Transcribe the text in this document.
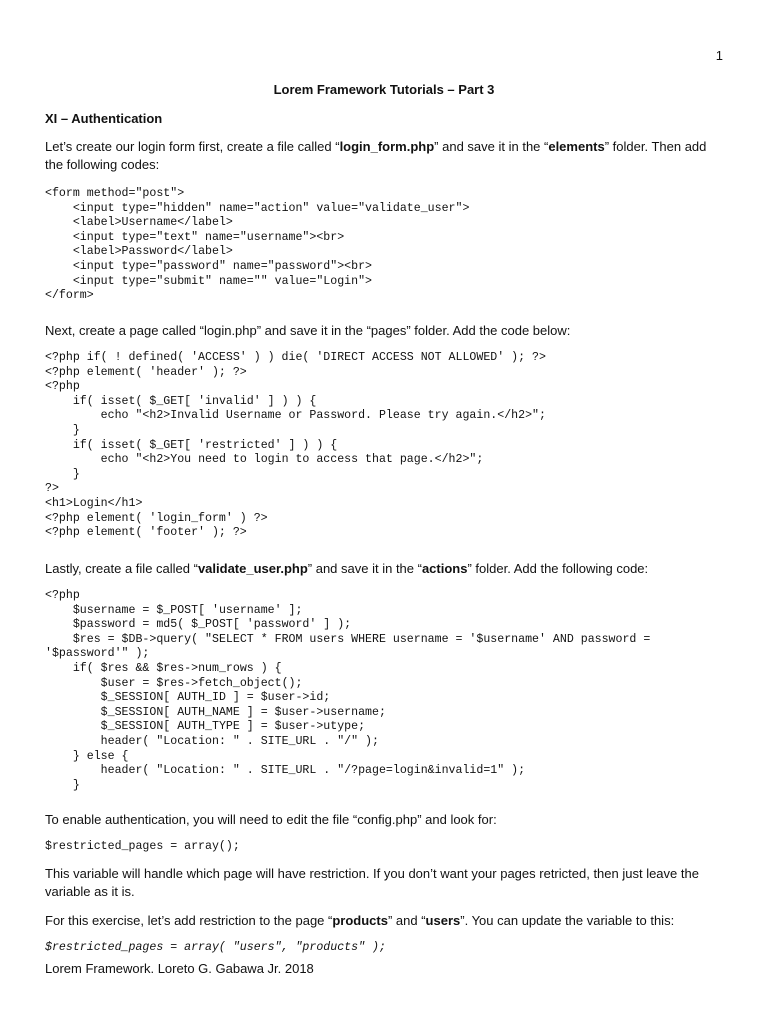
1
Lorem Framework Tutorials – Part 3
XI – Authentication
Let’s create our login form first, create a file called “login_form.php” and save it in the “elements” folder. Then add the following codes:
<form method="post">
	<input type="hidden" name="action" value="validate_user">
	<label>Username</label>
	<input type="text" name="username"><br>
	<label>Password</label>
	<input type="password" name="password"><br>
	<input type="submit" name="" value="Login">
</form>
Next, create a page called “login.php” and save it in the “pages” folder. Add the code below:
<?php if( ! defined( 'ACCESS' ) ) die( 'DIRECT ACCESS NOT ALLOWED' ); ?>
<?php element( 'header' ); ?>
<?php
	if( isset( $_GET[ 'invalid' ] ) ) {
		echo "<h2>Invalid Username or Password. Please try again.</h2>";
	}
	if( isset( $_GET[ 'restricted' ] ) ) {
		echo "<h2>You need to login to access that page.</h2>";
	}
?>
<h1>Login</h1>
<?php element( 'login_form' ) ?>
<?php element( 'footer' ); ?>
Lastly, create a file called “validate_user.php” and save it in the “actions” folder. Add the following code:
<?php
	$username = $_POST[ 'username' ];
	$password = md5( $_POST[ 'password' ] );
	$res = $DB->query( "SELECT * FROM users WHERE username = '$username' AND password =
'$password'" );
	if( $res && $res->num_rows ) {
		$user = $res->fetch_object();
		$_SESSION[ AUTH_ID ] = $user->id;
		$_SESSION[ AUTH_NAME ] = $user->username;
		$_SESSION[ AUTH_TYPE ] = $user->utype;
		header( "Location: " . SITE_URL . "/" );
	} else {
		header( "Location: " . SITE_URL . "/?page=login&invalid=1" );
	}
To enable authentication, you will need to edit the file “config.php” and look for:
$restricted_pages = array();
This variable will handle which page will have restriction. If you don’t want your pages retricted, then just leave the variable as it is.
For this exercise, let’s add restriction to the page “products” and “users”. You can update the variable to this:
$restricted_pages = array( "users", "products" );
Lorem Framework. Loreto G. Gabawa Jr. 2018
